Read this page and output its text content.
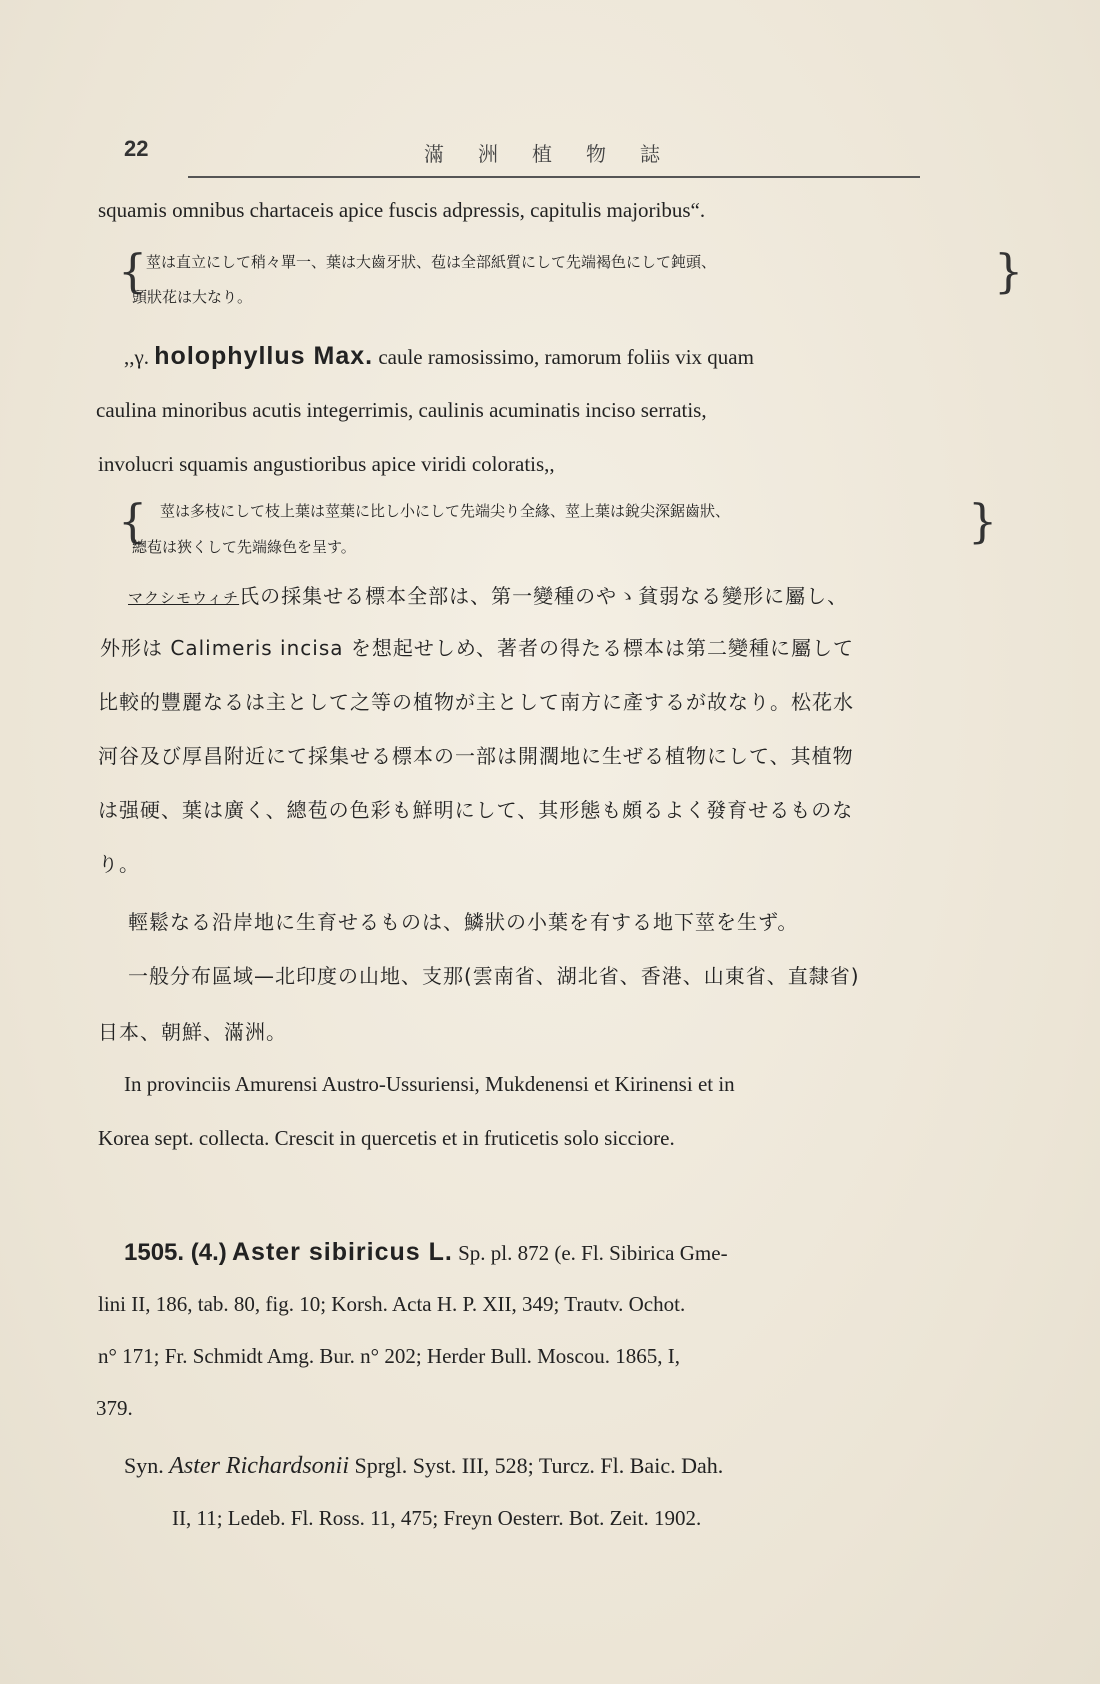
22	滿洲植物誌
squamis omnibus chartaceis apice fuscis adpressis, capitulis majoribus“.
{
莖は直立にして稍々單一、葉は大齒牙狀、苞は全部紙質にして先端褐色にして鈍頭、
頭狀花は大なり。	}
,,γ. holophyllus Max. caule ramosissimo, ramorum foliis vix quam
caulina minoribus acutis integerrimis, caulinis acuminatis inciso serratis,
involucri squamis angustioribus apice viridi coloratis,,
{ 莖は多枝にして枝上葉は莖葉に比し小にして先端尖り全緣、莖上葉は銳尖深鋸齒狀、
總苞は狹くして先端綠色を呈す。	}
マクシモウィチ氏の採集せる標本全部は、第一變種のやゝ貧弱なる變形に屬し、
外形は Calimeris incisa を想起せしめ、著者の得たる標本は第二變種に屬して
比較的豐麗なるは主として之等の植物が主として南方に產するが故なり。松花水
河谷及び厚昌附近にて採集せる標本の一部は開濶地に生ぜる植物にして、其植物
は强硬、葉は廣く、總苞の色彩も鮮明にして、其形態も頗るよく發育せるものな
り。
輕鬆なる沿岸地に生育せるものは、鱗狀の小葉を有する地下莖を生ず。
一般分布區域—北印度の山地、支那(雲南省、湖北省、香港、山東省、直隸省)
日本、朝鮮、滿洲。
In provinciis Amurensi Austro-Ussuriensi, Mukdenensi et Kirinensi et in
Korea sept. collecta. Crescit in quercetis et in fruticetis solo sicciore.
1505. (4.) Aster sibiricus L. Sp. pl. 872 (e. Fl. Sibirica Gme-
lini II, 186, tab. 80, fig. 10; Korsh. Acta H. P. XII, 349; Trautv. Ochot.
n° 171; Fr. Schmidt Amg. Bur. n° 202; Herder Bull. Moscou. 1865, I,
379.
Syn. Aster Richardsonii Sprgl. Syst. III, 528; Turcz. Fl. Baic. Dah.
II, 11; Ledeb. Fl. Ross. 11, 475; Freyn Oesterr. Bot. Zeit. 1902.
